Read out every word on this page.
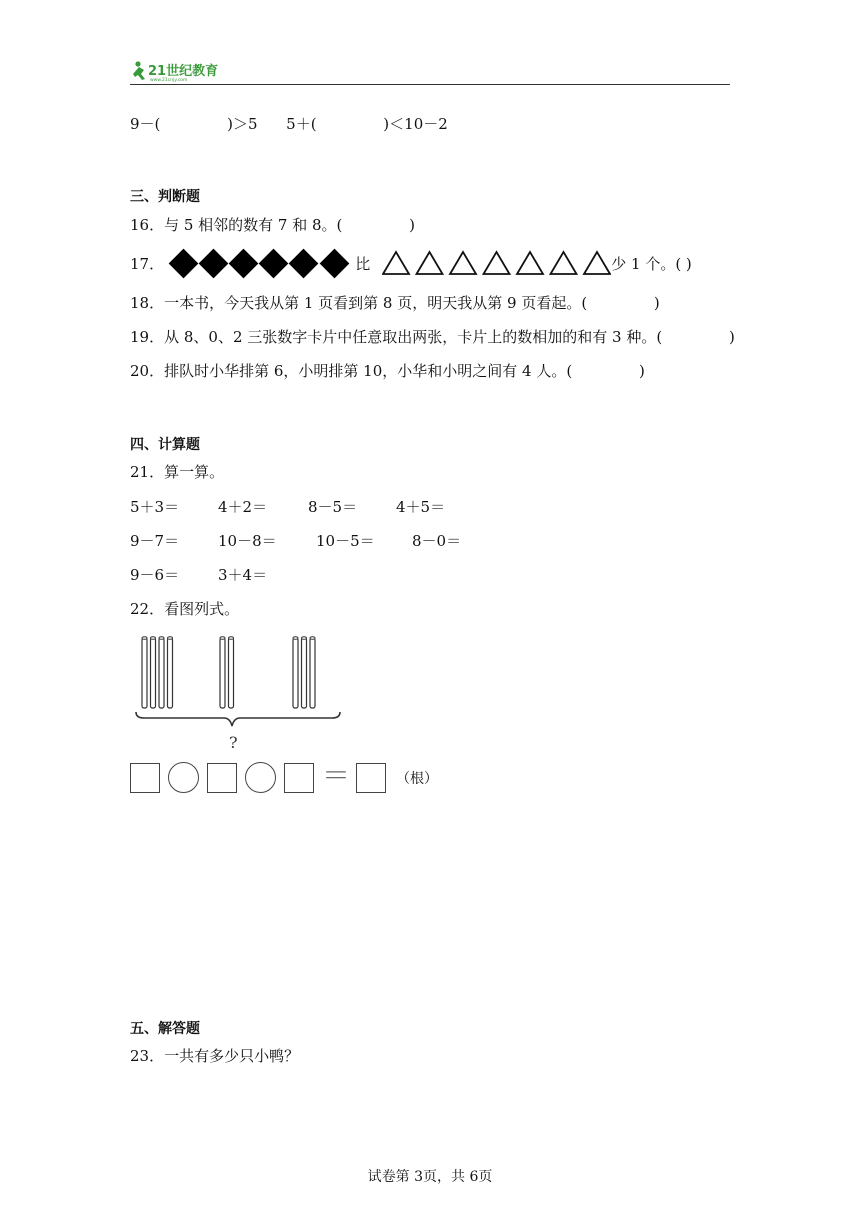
21世纪教育
www.21cnjy.com
9－(              )＞5      5＋(              )＜10－2
三、判断题
16．与 5 相邻的数有 7 和 8。(              )
17．	比	少 1 个。( )
18．一本书，今天我从第 1 页看到第 8 页，明天我从第 9 页看起。(              )
19．从 8、0、2 三张数字卡片中任意取出两张，卡片上的数相加的和有 3 种。(              )
20．排队时小华排第 6，小明排第 10，小华和小明之间有 4 人。(              )
四、计算题
21．算一算。
5＋3＝	4＋2＝	8－5＝	4＋5＝
9－7＝	10－8＝	10－5＝ 8－0＝
9－6＝	3＋4＝
22．看图列式。
?
＝	（根）
五、解答题
23．一共有多少只小鸭？
试卷第 3页，共 6页
